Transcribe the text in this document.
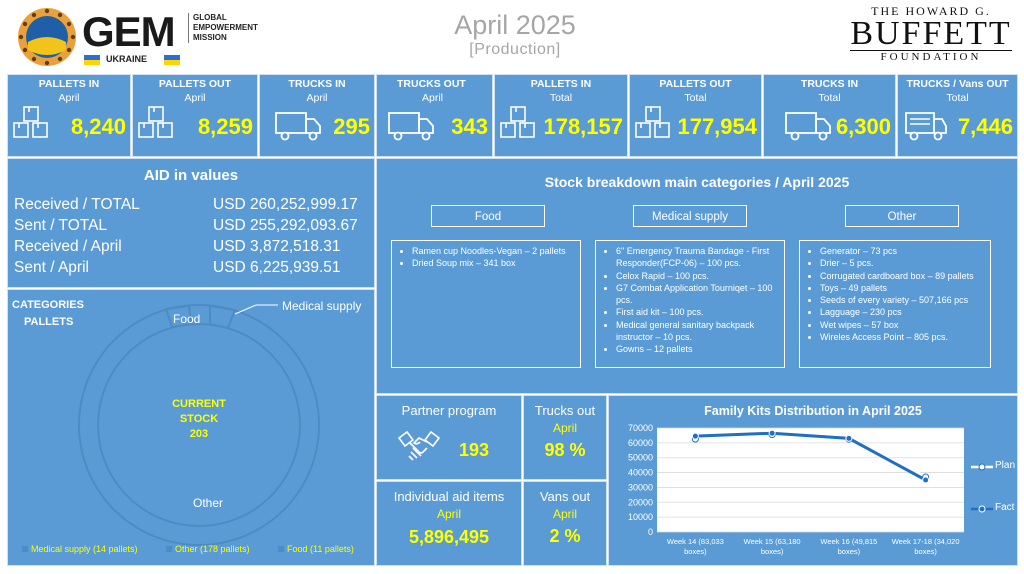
GEM GLOBAL
EMPOWERMENT
MISSION
UKRAINE
April 2025
[Production]
THE HOWARD G.
BUFFETT
FOUNDATION
PALLETS IN
April
8,240
PALLETS OUT
April
8,259
TRUCKS IN
April
295
TRUCKS OUT
April
343
PALLETS IN
Total
178,157
PALLETS OUT
Total
177,954
TRUCKS IN
Total
6,300
TRUCKS / Vans OUT
Total
7,446
AID in values
Received / TOTAL	USD 260,252,999.17
Sent / TOTAL	USD 255,292,093.67
Received / April	USD 3,872,518.31
Sent / April	USD 6,225,939.51
CATEGORIES
PALLETS	Food
Medical supply
Other
CURRENT
STOCK
203
Medical supply (14 pallets)	Other (178 pallets)	Food (11 pallets)
Stock breakdown main categories / April 2025
Food
• Ramen cup Noodles-Vegan – 2 pallets
• Dried Soup mix – 341 box
Medical supply
• 6" Emergency Trauma Bandage - First Responder(FCP-06) – 100 pcs.
• Celox Rapid – 100 pcs.
• G7 Combat Application Tourniqet – 100 pcs.
• First aid kit – 100 pcs.
• Medical general sanitary backpack instructor – 10 pcs.
• Gowns – 12 pallets
Other
• Generator – 73 pcs
• Drier – 5 pcs.
• Corrugated cardboard box – 89 pallets
• Toys – 49 pallets
• Seeds of every variety – 507,166 pcs
• Lagguage – 230 pcs
• Wet wipes – 57 box
• Wireles Access Point – 805 pcs.
Partner program
193
Trucks out
April
98 %
Individual aid items
April
5,896,495
Vans out
April
2 %
Family Kits Distribution in April 2025
0
10000
20000
30000
40000
50000
60000
70000
Week 14 (83,033
boxes)
Week 15 (63,180
boxes)
Week 16 (49,815
boxes)
Week 17-18 (34,020
boxes)
Plan
Fact
